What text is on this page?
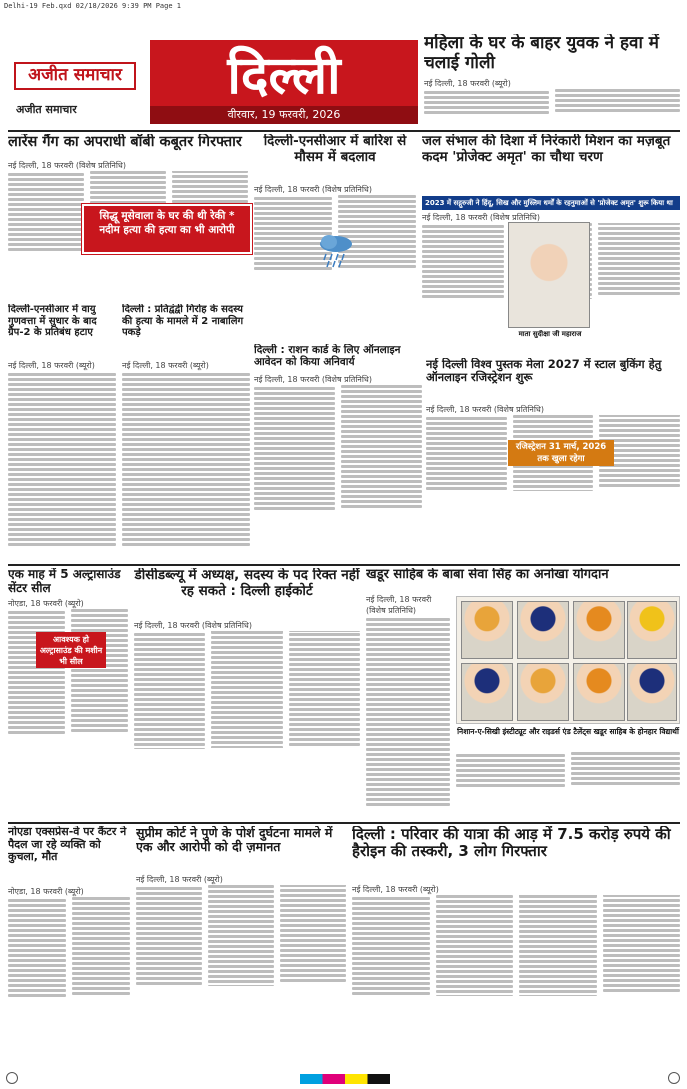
Delhi-19 Feb.qxd 02/18/2026 9:39 PM Page 1
अजीत समाचार
अजीत समाचार
दिल्ली
वीरवार, 19 फरवरी, 2026
महिला के घर के बाहर युवक ने हवा में चलाई गोली
नई दिल्ली, 18 फरवरी (ब्यूरो)
लारेंस गैंग का अपराधी बॉबी कबूतर गिरफ्तार
नई दिल्ली, 18 फरवरी (विशेष प्रतिनिधि)
सिद्धू मूसेवाला के घर की थी रेकी * नदीम हत्या की हत्या का भी आरोपी
दिल्ली-एनसीआर में बारिश से मौसम में बदलाव
नई दिल्ली, 18 फरवरी (विशेष प्रतिनिधि)
जल संभाल की दिशा में निरंकारी मिशन का मज़बूत कदम 'प्रोजेक्ट अमृत' का चौथा चरण
2023 में सद्गुरुजी ने हिंदू, सिख और मुस्लिम धर्मों के रहनुमाओं से 'प्रोजेक्ट अमृत' शुरू किया था
नई दिल्ली, 18 फरवरी (विशेष प्रतिनिधि)
माता सुदीक्षा जी महाराज
दिल्ली-एनसीआर में वायु गुणवत्ता में सुधार के बाद ग्रैप-2 के प्रतिबंध हटाए
नई दिल्ली, 18 फरवरी (ब्यूरो)
दिल्ली : प्रतिद्वंद्वी गिरोह के सदस्य की हत्या के मामले में 2 नाबालिग पकड़े
नई दिल्ली, 18 फरवरी (ब्यूरो)
दिल्ली : राशन कार्ड के लिए ऑनलाइन आवेदन को किया अनिवार्य
नई दिल्ली, 18 फरवरी (विशेष प्रतिनिधि)
नई दिल्ली विश्व पुस्तक मेला 2027 में स्टाल बुकिंग हेतु ऑनलाइन रजिस्ट्रेशन शुरू
नई दिल्ली, 18 फरवरी (विशेष प्रतिनिधि)
रजिस्ट्रेशन 31 मार्च, 2026 तक खुला रहेगा
एक माह में 5 अल्ट्रासाउंड सेंटर सील
नोएडा, 18 फरवरी (ब्यूरो)
आवश्यक हो अल्ट्रासाउंड की मशीन भी सील
डीसीडब्ल्यू में अध्यक्ष, सदस्य के पद रिक्त नहीं रह सकते : दिल्ली हाईकोर्ट
नई दिल्ली, 18 फरवरी (विशेष प्रतिनिधि)
खडूर साहिब के बाबा सेवा सिंह का अनोखा योगदान
नई दिल्ली, 18 फरवरी (विशेष प्रतिनिधि)
निशान-ए-सिखी इंस्टीट्यूट और राइडर्स एंड टैलेंट्स खडूर साहिब के होनहार विद्यार्थी
नोएडा एक्सप्रेस-वे पर कैंटर ने पैदल जा रहे व्यक्ति को कुचला, मौत
नोएडा, 18 फरवरी (ब्यूरो)
सुप्रीम कोर्ट ने पुणे के पोर्श दुर्घटना मामले में एक और आरोपी को दी ज़मानत
नई दिल्ली, 18 फरवरी (ब्यूरो)
दिल्ली : परिवार की यात्रा की आड़ में 7.5 करोड़ रुपये की हैरोइन की तस्करी, 3 लोग गिरफ्तार
नई दिल्ली, 18 फरवरी (ब्यूरो)
